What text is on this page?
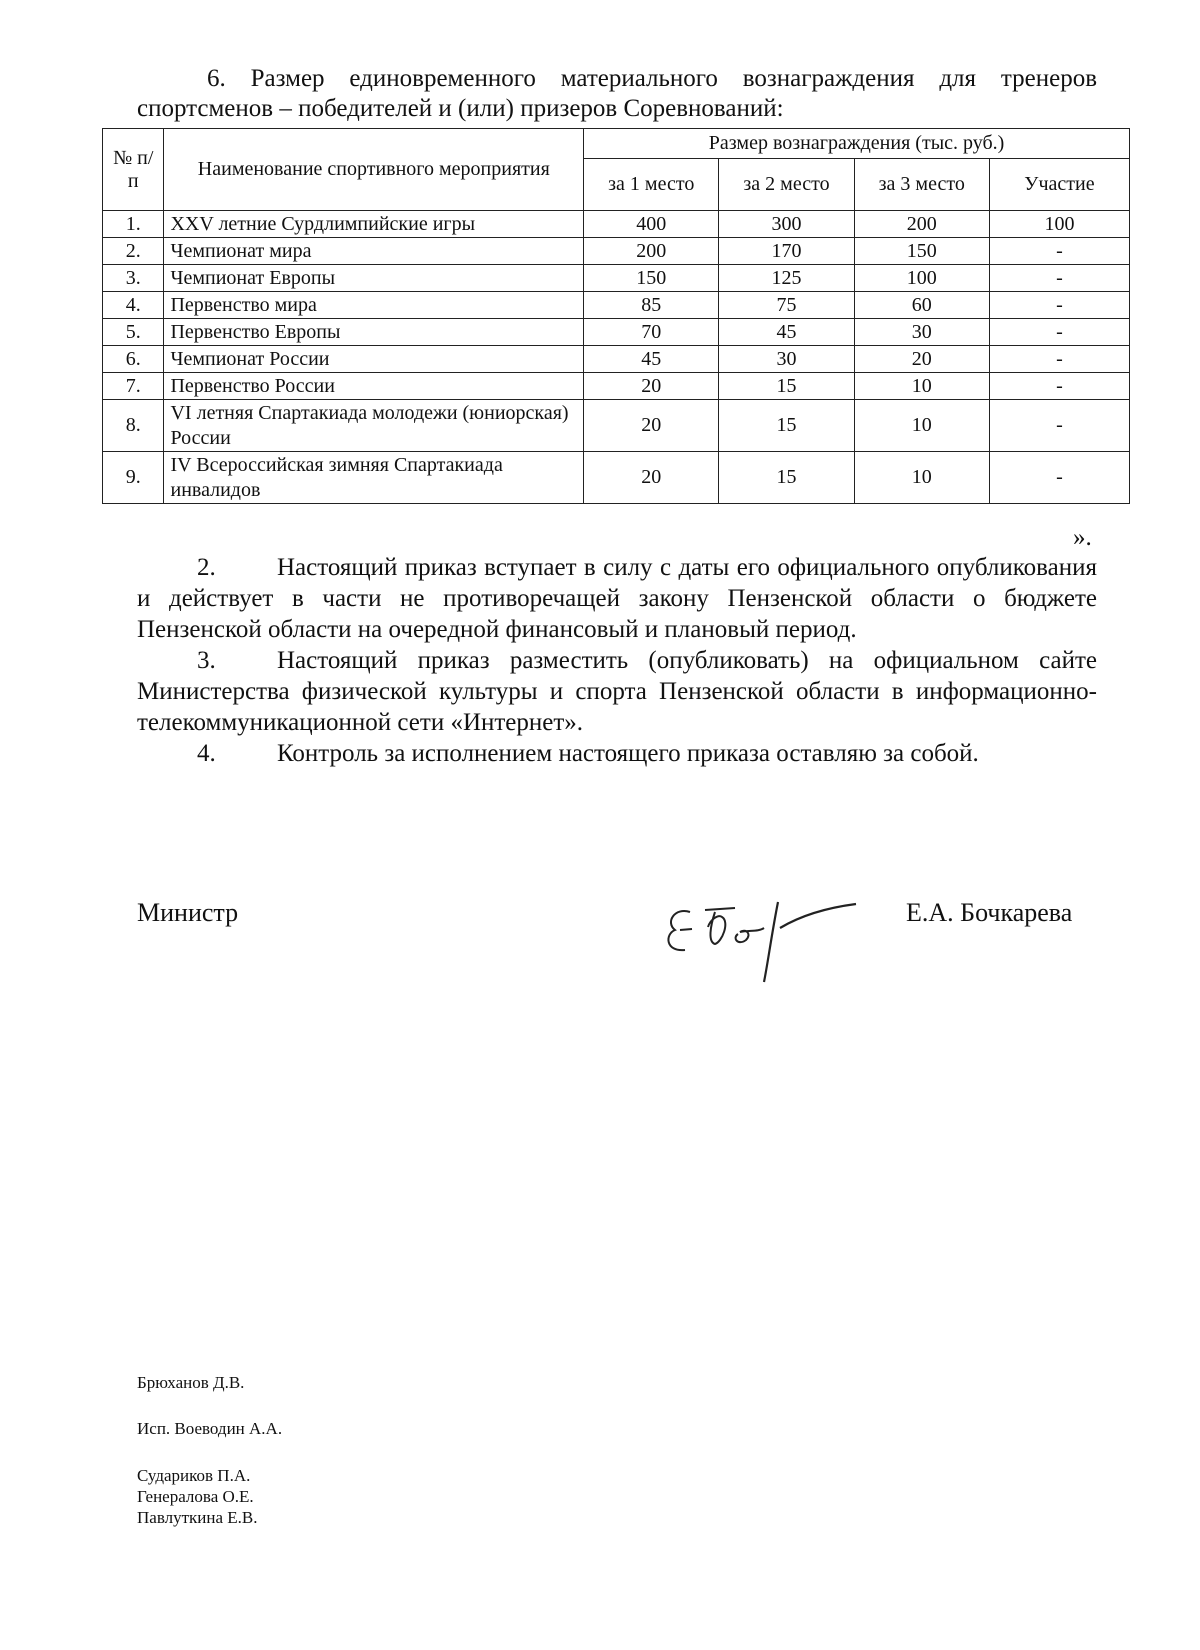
6. Размер единовременного материального вознаграждения для тренеров спортсменов – победителей и (или) призеров Соревнований:

№ п/п	Наименование спортивного мероприятия	Размер вознаграждения (тыс. руб.)			
		за 1 место	за 2 место	за 3 место	Участие
1.	XXV летние Сурдлимпийские игры	400	300	200	100
2.	Чемпионат мира	200	170	150	-
3.	Чемпионат Европы	150	125	100	-
4.	Первенство мира	85	75	60	-
5.	Первенство Европы	70	45	30	-
6.	Чемпионат России	45	30	20	-
7.	Первенство России	20	15	10	-
8.	VI летняя Спартакиада молодежи (юниорская) России	20	15	10	-
9.	IV Всероссийская зимняя Спартакиада инвалидов	20	15	10	-
».

2. Настоящий приказ вступает в силу с даты его официального опубликования и действует в части не противоречащей закону Пензенской области о бюджете Пензенской области на очередной финансовый и плановый период.

3. Настоящий приказ разместить (опубликовать) на официальном сайте Министерства физической культуры и спорта Пензенской области в информационно-телекоммуникационной сети «Интернет».

4. Контроль за исполнением настоящего приказа оставляю за собой.

Министр	Е.А. Бочкарева
Брюханов Д.В.
Исп. Воеводин А.А.
Судариков П.А.
Генералова О.Е.
Павлуткина Е.В.
